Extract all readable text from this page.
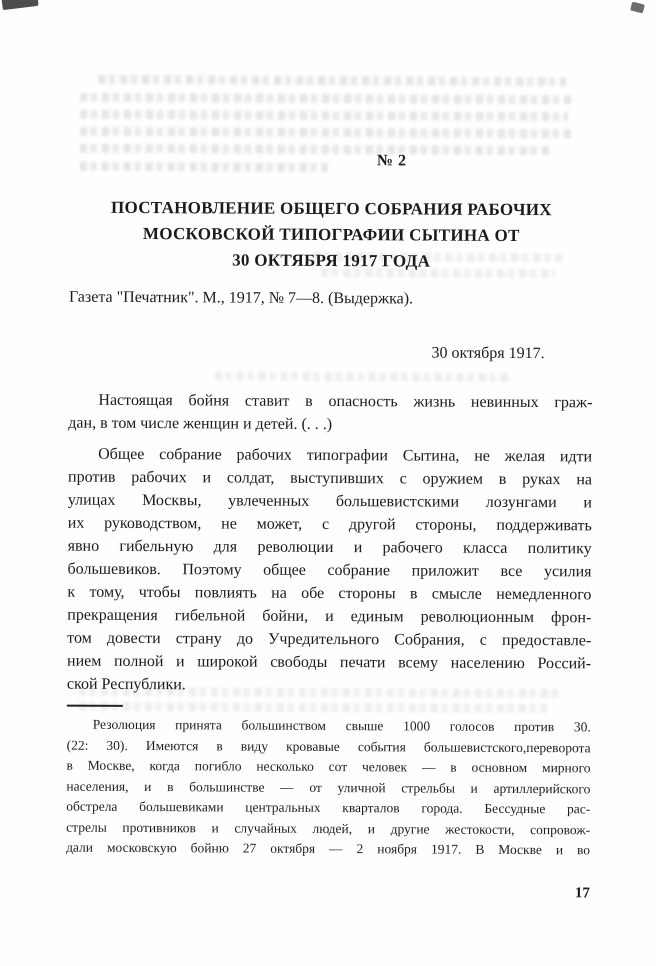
№ 2
ПОСТАНОВЛЕНИЕ ОБЩЕГО СОБРАНИЯ РАБОЧИХ
МОСКОВСКОЙ ТИПОГРАФИИ СЫТИНА ОТ
30 ОКТЯБРЯ 1917 ГОДА
Газета "Печатник". М., 1917, № 7—8. (Выдержка).
30 октября 1917.
Настоящая бойня ставит в опасность жизнь невинных граж-
дан, в том числе женщин и детей. (. . .)
Общее собрание рабочих типографии Сытина, не желая идти
против рабочих и солдат, выступивших с оружием в руках на
улицах Москвы, увлеченных большевистскими лозунгами и
их руководством, не может, с другой стороны, поддерживать
явно гибельную для революции и рабочего класса политику
большевиков. Поэтому общее собрание приложит все усилия
к тому, чтобы повлиять на обе стороны в смысле немедленного
прекращения гибельной бойни, и единым революционным фрон-
том довести страну до Учредительного Собрания, с предоставле-
нием полной и широкой свободы печати всему населению Россий-
ской Республики.
Резолюция принята большинством свыше 1000 голосов против 30.
(22: 30). Имеются в виду кровавые события большевистского,переворота
в Москве, когда погибло несколько сот человек — в основном мирного
населения, и в большинстве — от уличной стрельбы и артиллерийского
обстрела большевиками центральных кварталов города. Бессудные рас-
стрелы противников и случайных людей, и другие жестокости, сопровож-
дали московскую бойню 27 октября — 2 ноября 1917. В Москве и во
17
